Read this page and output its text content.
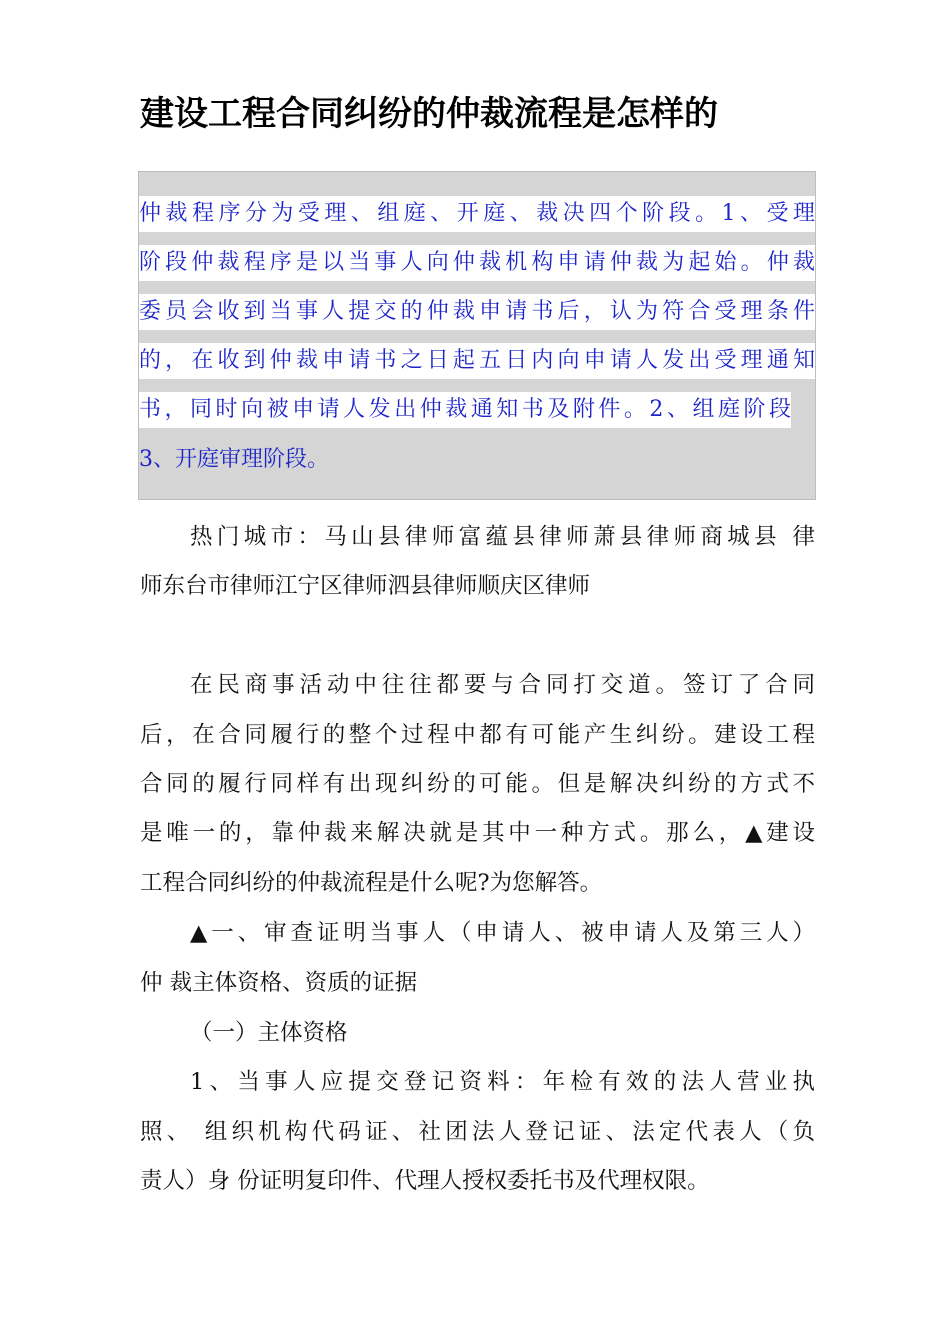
建设工程合同纠纷的仲裁流程是怎样的
仲裁程序分为受理、组庭、开庭、裁决四个阶段。1、受理
阶段仲裁程序是以当事人向仲裁机构申请仲裁为起始。仲裁
委员会收到当事人提交的仲裁申请书后，认为符合受理条件
的，在收到仲裁申请书之日起五日内向申请人发出受理通知
书，同时向被申请人发出仲裁通知书及附件。2、组庭阶段
3、开庭审理阶段。
热门城市：马山县律师富蕴县律师萧县律师商城县 律
师东台市律师江宁区律师泗县律师顺庆区律师
在民商事活动中往往都要与合同打交道。签订了合同
后，在合同履行的整个过程中都有可能产生纠纷。建设工程
合同的履行同样有出现纠纷的可能。但是解决纠纷的方式不
是唯一的，靠仲裁来解决就是其中一种方式。那么，▲建设
工程合同纠纷的仲裁流程是什么呢?为您解答。
▲一、审查证明当事人（申请人、被申请人及第三人）
仲 裁主体资格、资质的证据
（一）主体资格
1、当事人应提交登记资料：年检有效的法人营业执
照、 组织机构代码证、社团法人登记证、法定代表人（负
责人）身 份证明复印件、代理人授权委托书及代理权限。
